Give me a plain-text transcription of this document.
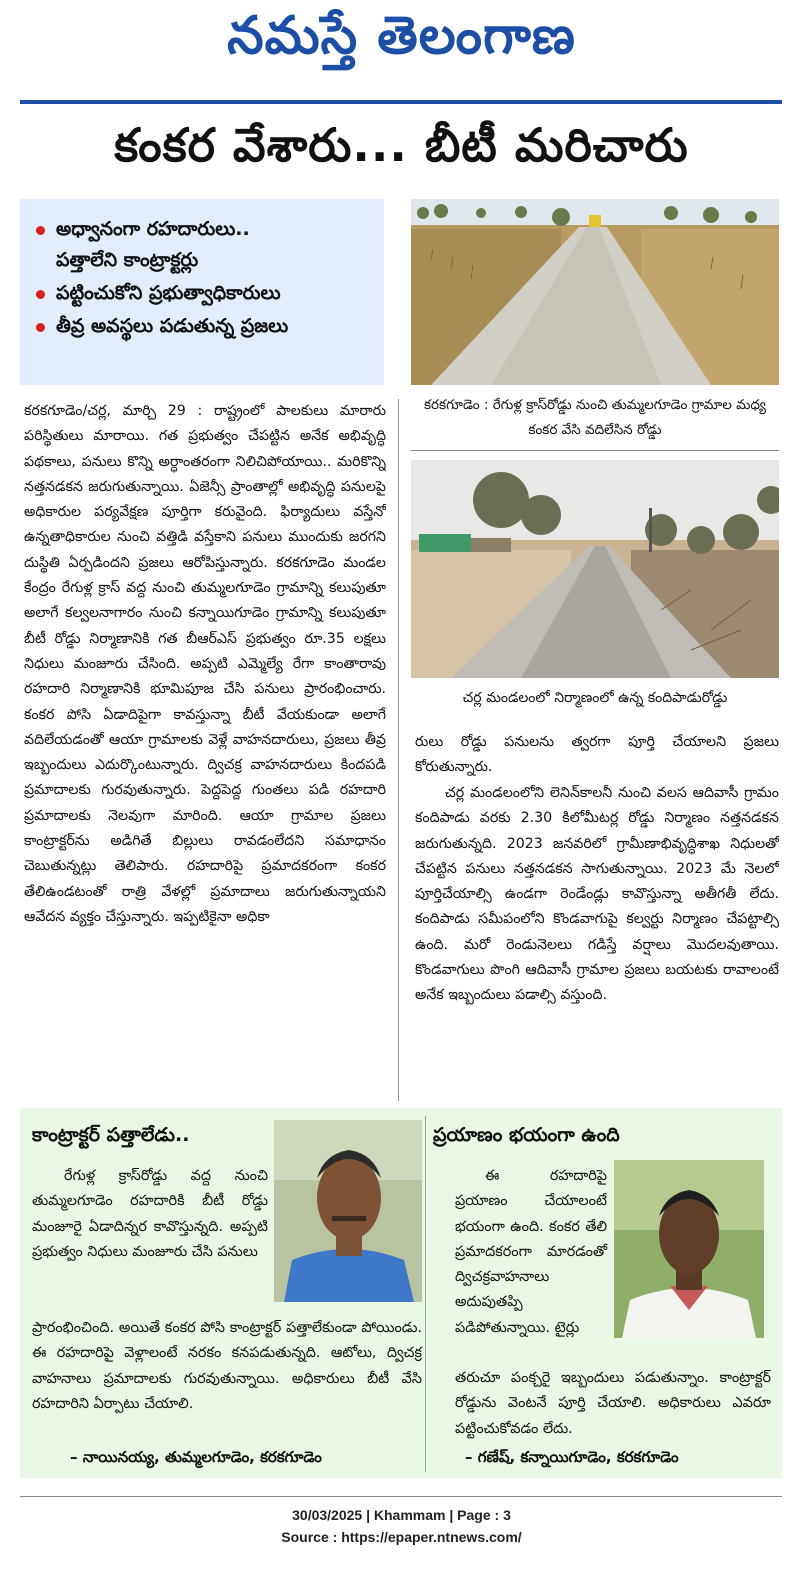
నమస్తే తెలంగాణ
కంకర వేశారు... బీటీ మరిచారు
అధ్వానంగా రహదారులు..
పత్తాలేని కాంట్రాక్టర్లు
పట్టించుకోని ప్రభుత్వాధికారులు
తీవ్ర అవస్థలు పడుతున్న ప్రజలు
కరకగూడెం : రేగుళ్ల క్రాస్‌రోడ్డు నుంచి తుమ్మలగూడెం గ్రామాల మధ్య కంకర వేసి వదిలేసిన రోడ్డు
చర్ల మండలంలో నిర్మాణంలో ఉన్న కందిపాడురోడ్డు
కరకగూడెం/చర్ల, మార్చి 29 : రాష్ట్రంలో పాలకులు మారారు పరిస్థితులు మారాయి. గత ప్రభుత్వం చేపట్టిన అనేక అభివృద్ధి పథకాలు, పనులు కొన్ని అర్ధాంతరంగా నిలిచిపోయాయి.. మరికొన్ని నత్తనడకన జరుగుతున్నాయి. ఏజెన్సీ ప్రాంతాల్లో అభివృద్ధి పనులపై అధికారుల పర్యవేక్షణ పూర్తిగా కరువైంది. ఫిర్యాదులు వస్తేనో ఉన్నతాధికారుల నుంచి వత్తిడి వస్తేకాని పనులు ముందుకు జరగని దుస్థితి ఏర్పడిందని ప్రజలు ఆరోపిస్తున్నారు. కరకగూడెం మండల కేంద్రం రేగుళ్ల క్రాస్ వద్ద నుంచి తుమ్మలగూడెం గ్రామాన్ని కలుపుతూ అలాగే కల్వలనాగారం నుంచి కన్నాయిగూడెం గ్రామాన్ని కలుపుతూ బీటీ రోడ్డు నిర్మాణానికి గత బీఆర్‌ఎస్ ప్రభుత్వం రూ.35 లక్షలు నిధులు మంజూరు చేసింది. అప్పటి ఎమ్మెల్యే రేగా కాంతారావు రహదారి నిర్మాణానికి భూమిపూజ చేసి పనులు ప్రారంభించారు. కంకర పోసి ఏడాదిపైగా కావస్తున్నా బీటీ వేయకుండా అలాగే వదిలేయడంతో ఆయా గ్రామాలకు వెళ్లే వాహనదారులు, ప్రజలు తీవ్ర ఇబ్బందులు ఎదుర్కొంటున్నారు. ద్విచక్ర వాహనదారులు కిందపడి ప్రమాదాలకు గురవుతున్నారు. పెద్దపెద్ద గుంతలు పడి రహదారి ప్రమాదాలకు నెలవుగా మారింది. ఆయా గ్రామాల ప్రజలు కాంట్రాక్టర్‌ను అడిగితే బిల్లులు రావడంలేదని సమాధానం చెబుతున్నట్లు తెలిపారు. రహదారిపై ప్రమాదకరంగా కంకర తేలిఉండటంతో రాత్రి వేళల్లో ప్రమాదాలు జరుగుతున్నాయని ఆవేదన వ్యక్తం చేస్తున్నారు. ఇప్పటికైనా అధికా
రులు రోడ్డు పనులను త్వరగా పూర్తి చేయాలని ప్రజలు కోరుతున్నారు.
చర్ల మండలంలోని లెనిన్‌కాలనీ నుంచి వలస ఆదివాసీ గ్రామం కందిపాడు వరకు 2.30 కిలోమీటర్ల రోడ్డు నిర్మాణం నత్తనడకన జరుగుతున్నది. 2023 జనవరిలో గ్రామీణాభివృద్ధిశాఖ నిధులతో చేపట్టిన పనులు నత్తనడకన సాగుతున్నాయి. 2023 మే నెలలో పూర్తిచేయాల్సి ఉండగా రెండేండ్లు కావొస్తున్నా అతీగతీ లేదు. కందిపాడు సమీపంలోని కొండవాగుపై కల్వర్టు నిర్మాణం చేపట్టాల్సి ఉంది. మరో రెండునెలలు గడిస్తే వర్షాలు మొదలవుతాయి. కొండవాగులు పొంగి ఆదివాసీ గ్రామాల ప్రజలు బయటకు రావాలంటే అనేక ఇబ్బందులు పడాల్సి వస్తుంది.
కాంట్రాక్టర్ పత్తాలేడు..
రేగుళ్ల క్రాస్‌రోడ్డు వద్ద నుంచి తుమ్మలగూడెం రహదారికి బీటీ రోడ్డు మంజూరై ఏడాదిన్నర కావొస్తున్నది. అప్పటి ప్రభుత్వం నిధులు మంజూరు చేసి పనులు
ప్రారంభించింది. అయితే కంకర పోసి కాంట్రాక్టర్ పత్తాలేకుండా పోయిండు. ఈ రహదారిపై వెళ్లాలంటే నరకం కనపడుతున్నది. ఆటోలు, ద్విచక్ర వాహనాలు ప్రమాదాలకు గురవుతున్నాయి. అధికారులు బీటీ వేసి రహదారిని ఏర్పాటు చేయాలి.
– నాయినయ్య, తుమ్మలగూడెం, కరకగూడెం
ప్రయాణం భయంగా ఉంది
ఈ రహదారిపై ప్రయాణం చేయాలంటే భయంగా ఉంది. కంకర తేలి ప్రమాదకరంగా మారడంతో ద్విచక్రవాహనాలు అదుపుతప్పి పడిపోతున్నాయి. టైర్లు
తరుచూ పంక్చరై ఇబ్బందులు పడుతున్నాం. కాంట్రాక్టర్ రోడ్డును వెంటనే పూర్తి చేయాలి. అధికారులు ఎవరూ పట్టించుకోవడం లేదు.
– గణేష్, కన్నాయిగూడెం, కరకగూడెం
30/03/2025 | Khammam | Page : 3
Source : https://epaper.ntnews.com/
